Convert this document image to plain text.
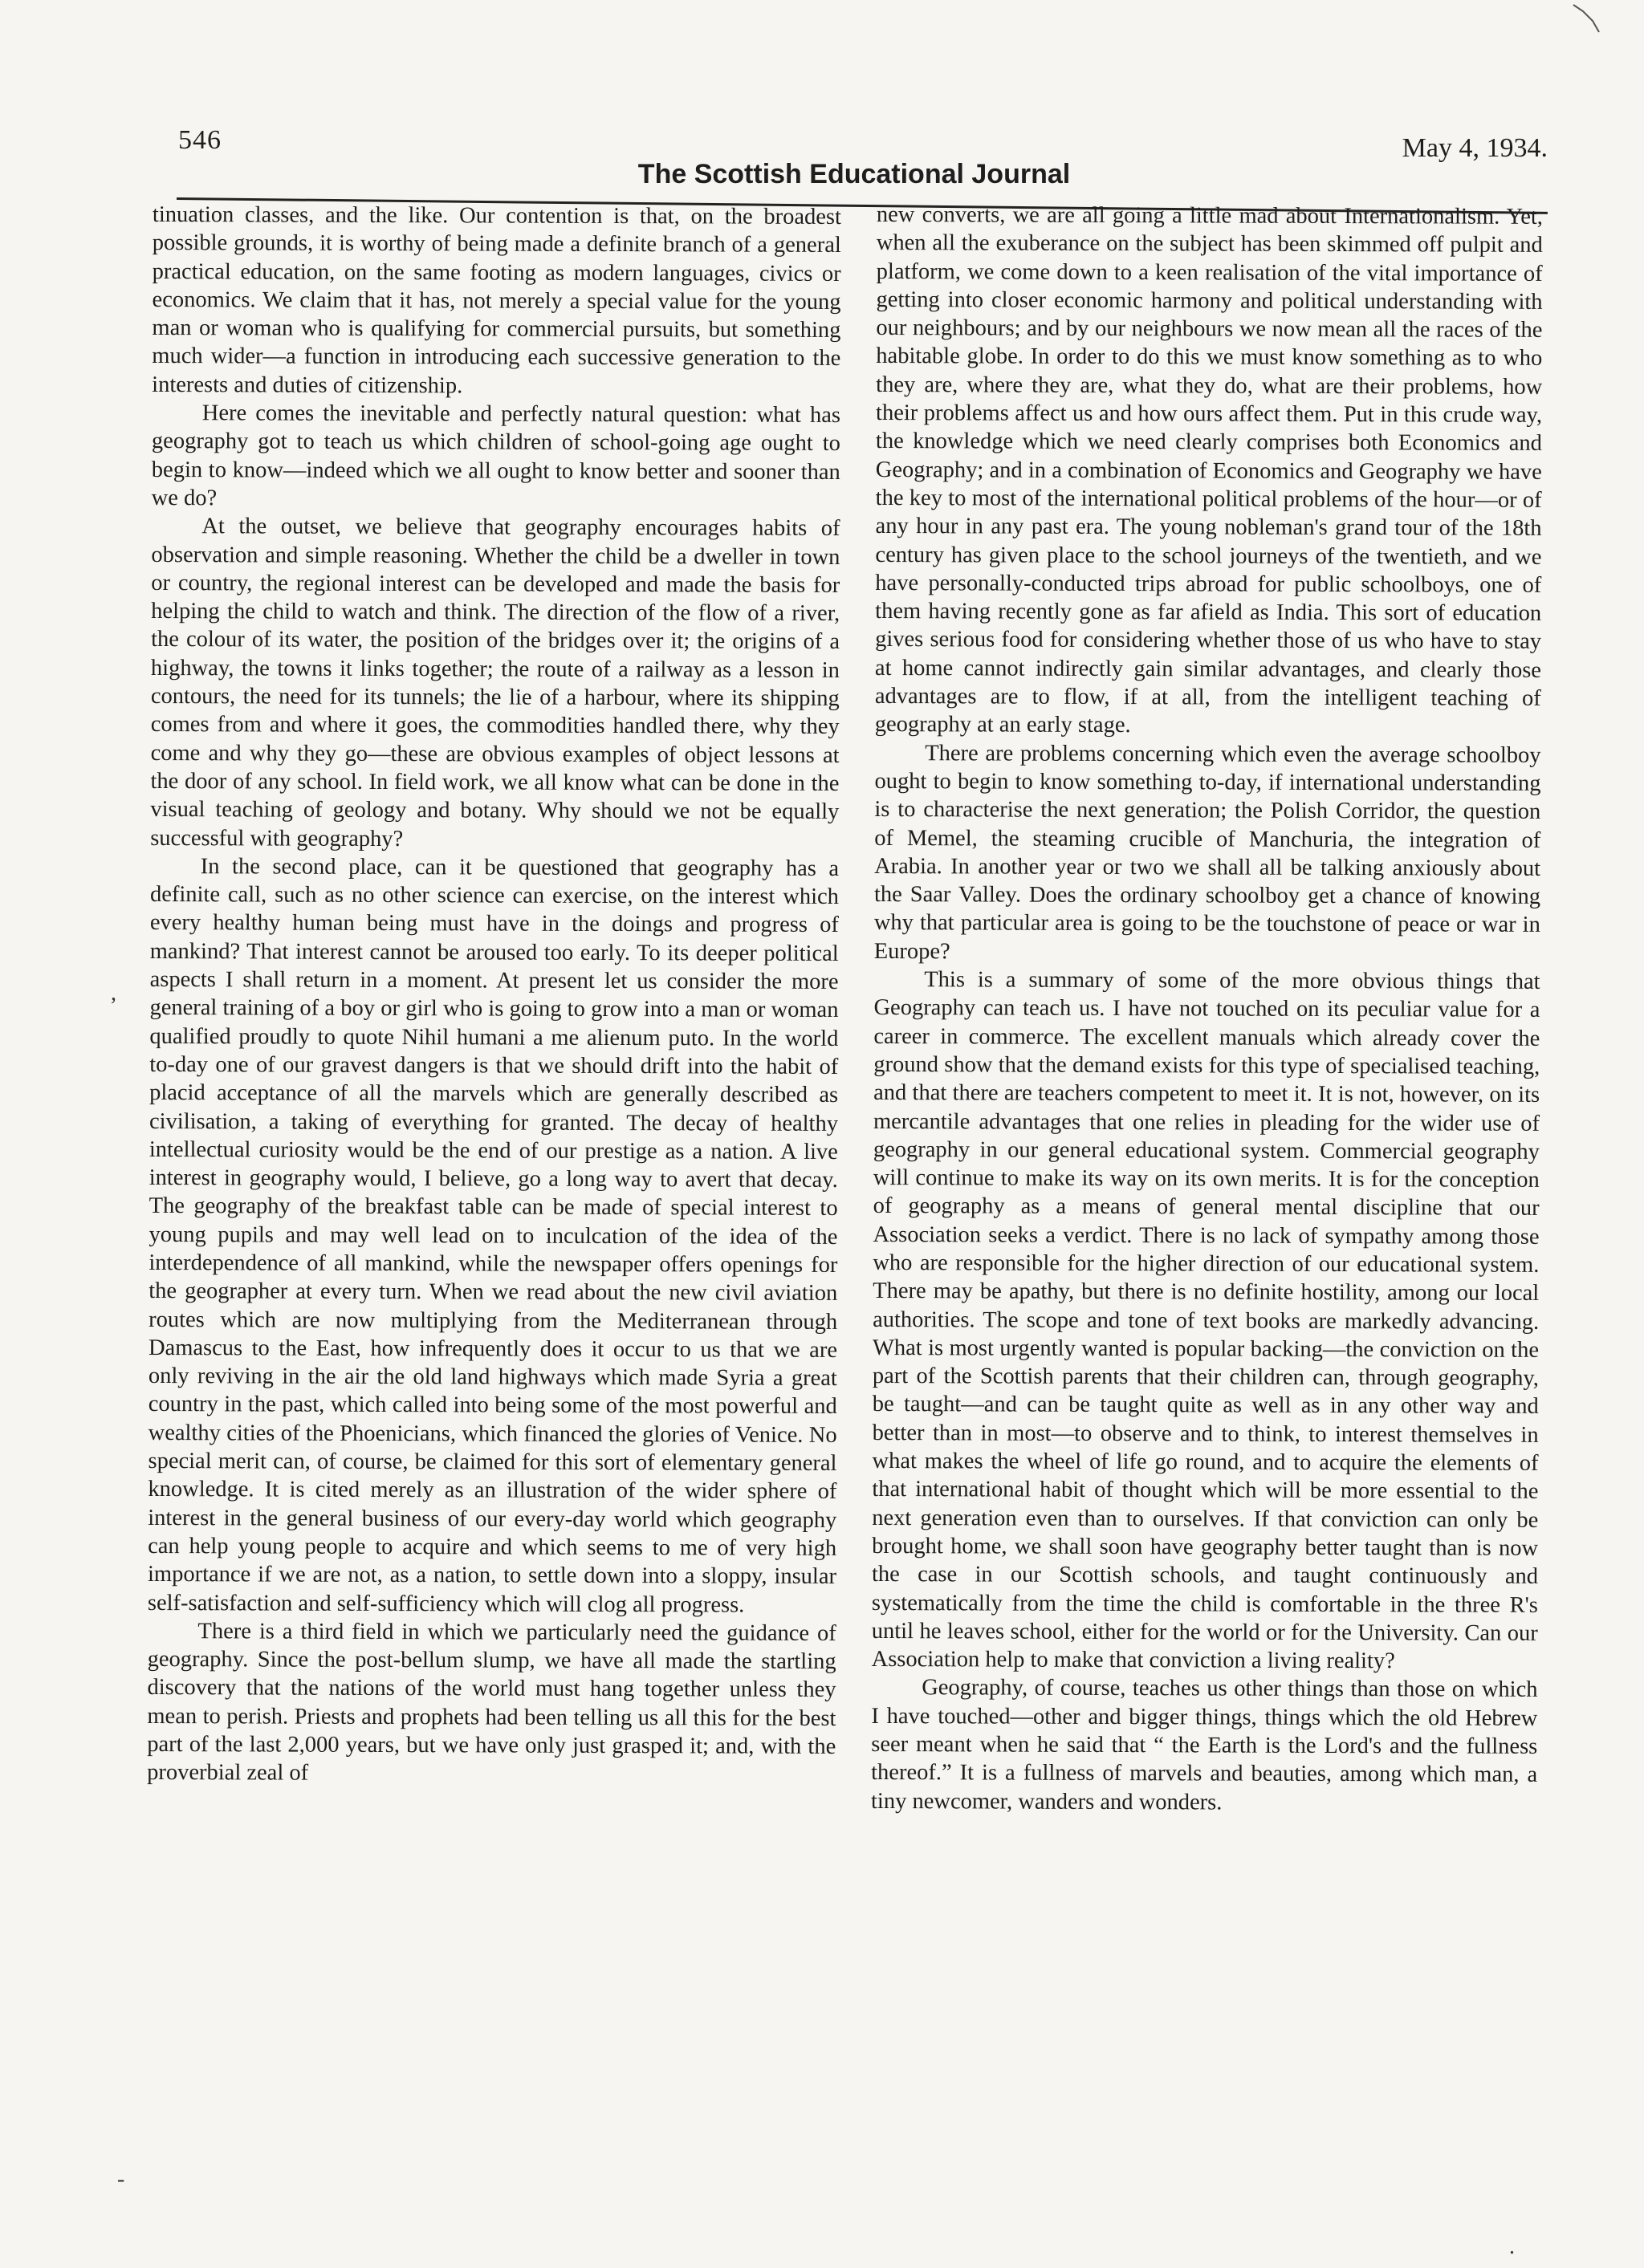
546
The Scottish Educational Journal
May 4, 1934.

tinuation classes, and the like. Our contention is that, on the broadest possible grounds, it is worthy of being made a definite branch of a general practical education, on the same footing as modern languages, civics or economics. We claim that it has, not merely a special value for the young man or woman who is qualifying for commercial pursuits, but something much wider—a function in introducing each successive generation to the interests and duties of citizenship.

Here comes the inevitable and perfectly natural question: what has geography got to teach us which children of school-going age ought to begin to know—indeed which we all ought to know better and sooner than we do?

At the outset, we believe that geography encourages habits of observation and simple reasoning. Whether the child be a dweller in town or country, the regional interest can be developed and made the basis for helping the child to watch and think. The direction of the flow of a river, the colour of its water, the position of the bridges over it; the origins of a highway, the towns it links together; the route of a railway as a lesson in contours, the need for its tunnels; the lie of a harbour, where its shipping comes from and where it goes, the commodities handled there, why they come and why they go—these are obvious examples of object lessons at the door of any school. In field work, we all know what can be done in the visual teaching of geology and botany. Why should we not be equally successful with geography?

In the second place, can it be questioned that geography has a definite call, such as no other science can exercise, on the interest which every healthy human being must have in the doings and progress of mankind? That interest cannot be aroused too early. To its deeper political aspects I shall return in a moment. At present let us consider the more general training of a boy or girl who is going to grow into a man or woman qualified proudly to quote Nihil humani a me alienum puto. In the world to-day one of our gravest dangers is that we should drift into the habit of placid acceptance of all the marvels which are generally described as civilisation, a taking of everything for granted. The decay of healthy intellectual curiosity would be the end of our prestige as a nation. A live interest in geography would, I believe, go a long way to avert that decay. The geography of the breakfast table can be made of special interest to young pupils and may well lead on to inculcation of the idea of the interdependence of all mankind, while the newspaper offers openings for the geographer at every turn. When we read about the new civil aviation routes which are now multiplying from the Mediterranean through Damascus to the East, how infrequently does it occur to us that we are only reviving in the air the old land highways which made Syria a great country in the past, which called into being some of the most powerful and wealthy cities of the Phoenicians, which financed the glories of Venice. No special merit can, of course, be claimed for this sort of elementary general knowledge. It is cited merely as an illustration of the wider sphere of interest in the general business of our every-day world which geography can help young people to acquire and which seems to me of very high importance if we are not, as a nation, to settle down into a sloppy, insular self-satisfaction and self-sufficiency which will clog all progress.

There is a third field in which we particularly need the guidance of geography. Since the post-bellum slump, we have all made the startling discovery that the nations of the world must hang together unless they mean to perish. Priests and prophets had been telling us all this for the best part of the last 2,000 years, but we have only just grasped it; and, with the proverbial zeal of

new converts, we are all going a little mad about Internationalism. Yet, when all the exuberance on the subject has been skimmed off pulpit and platform, we come down to a keen realisation of the vital importance of getting into closer economic harmony and political understanding with our neighbours; and by our neighbours we now mean all the races of the habitable globe. In order to do this we must know something as to who they are, where they are, what they do, what are their problems, how their problems affect us and how ours affect them. Put in this crude way, the knowledge which we need clearly comprises both Economics and Geography; and in a combination of Economics and Geography we have the key to most of the international political problems of the hour—or of any hour in any past era. The young nobleman's grand tour of the 18th century has given place to the school journeys of the twentieth, and we have personally-conducted trips abroad for public schoolboys, one of them having recently gone as far afield as India. This sort of education gives serious food for considering whether those of us who have to stay at home cannot indirectly gain similar advantages, and clearly those advantages are to flow, if at all, from the intelligent teaching of geography at an early stage.

There are problems concerning which even the average schoolboy ought to begin to know something to-day, if international understanding is to characterise the next generation; the Polish Corridor, the question of Memel, the steaming crucible of Manchuria, the integration of Arabia. In another year or two we shall all be talking anxiously about the Saar Valley. Does the ordinary schoolboy get a chance of knowing why that particular area is going to be the touchstone of peace or war in Europe?

This is a summary of some of the more obvious things that Geography can teach us. I have not touched on its peculiar value for a career in commerce. The excellent manuals which already cover the ground show that the demand exists for this type of specialised teaching, and that there are teachers competent to meet it. It is not, however, on its mercantile advantages that one relies in pleading for the wider use of geography in our general educational system. Commercial geography will continue to make its way on its own merits. It is for the conception of geography as a means of general mental discipline that our Association seeks a verdict. There is no lack of sympathy among those who are responsible for the higher direction of our educational system. There may be apathy, but there is no definite hostility, among our local authorities. The scope and tone of text books are markedly advancing. What is most urgently wanted is popular backing—the conviction on the part of the Scottish parents that their children can, through geography, be taught—and can be taught quite as well as in any other way and better than in most—to observe and to think, to interest themselves in what makes the wheel of life go round, and to acquire the elements of that international habit of thought which will be more essential to the next generation even than to ourselves. If that conviction can only be brought home, we shall soon have geography better taught than is now the case in our Scottish schools, and taught continuously and systematically from the time the child is comfortable in the three R's until he leaves school, either for the world or for the University. Can our Association help to make that conviction a living reality?

Geography, of course, teaches us other things than those on which I have touched—other and bigger things, things which the old Hebrew seer meant when he said that “ the Earth is the Lord's and the fullness thereof.” It is a fullness of marvels and beauties, among which man, a tiny newcomer, wanders and wonders.

,
-
.
